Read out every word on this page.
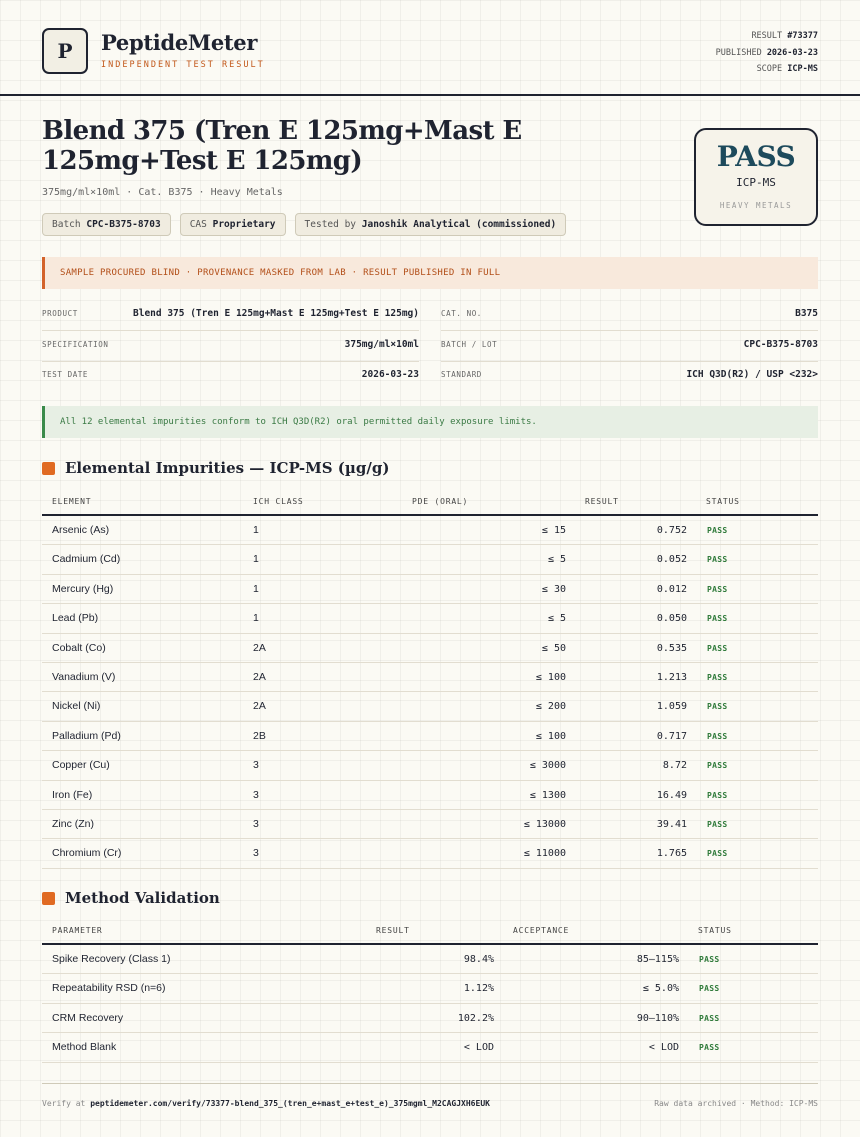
P PeptideMeter
INDEPENDENT TEST RESULT
RESULT #73377
PUBLISHED 2026-03-23
SCOPE ICP-MS
Blend 375 (Tren E 125mg+Mast E 125mg+Test E 125mg)
375mg/ml×10ml · Cat. B375 · Heavy Metals
Batch CPC-B375-8703	CAS Proprietary	Tested by Janoshik Analytical (commissioned)
PASS
ICP-MS
HEAVY METALS
SAMPLE PROCURED BLIND · PROVENANCE MASKED FROM LAB · RESULT PUBLISHED IN FULL
PRODUCT	Blend 375 (Tren E 125mg+Mast E 125mg+Test E 125mg)
SPECIFICATION	375mg/ml×10ml
TEST DATE	2026-03-23
CAT. NO.	B375
BATCH / LOT	CPC-B375-8703
STANDARD	ICH Q3D(R2) / USP <232>
All 12 elemental impurities conform to ICH Q3D(R2) oral permitted daily exposure limits.
Elemental Impurities — ICP-MS (µg/g)
ELEMENT	ICH CLASS	PDE (ORAL)	RESULT	STATUS
Arsenic (As)	1	≤ 15	0.752	PASS
Cadmium (Cd)	1	≤ 5	0.052	PASS
Mercury (Hg)	1	≤ 30	0.012	PASS
Lead (Pb)	1	≤ 5	0.050	PASS
Cobalt (Co)	2A	≤ 50	0.535	PASS
Vanadium (V)	2A	≤ 100	1.213	PASS
Nickel (Ni)	2A	≤ 200	1.059	PASS
Palladium (Pd)	2B	≤ 100	0.717	PASS
Copper (Cu)	3	≤ 3000	8.72	PASS
Iron (Fe)	3	≤ 1300	16.49	PASS
Zinc (Zn)	3	≤ 13000	39.41	PASS
Chromium (Cr)	3	≤ 11000	1.765	PASS
Method Validation
PARAMETER	RESULT	ACCEPTANCE	STATUS
Spike Recovery (Class 1)	98.4%	85–115%	PASS
Repeatability RSD (n=6)	1.12%	≤ 5.0%	PASS
CRM Recovery	102.2%	90–110%	PASS
Method Blank	< LOD	< LOD	PASS
Verify at peptidemeter.com/verify/73377-blend_375_(tren_e+mast_e+test_e)_375mgml_M2CAGJXH6EUK	Raw data archived · Method: ICP-MS
